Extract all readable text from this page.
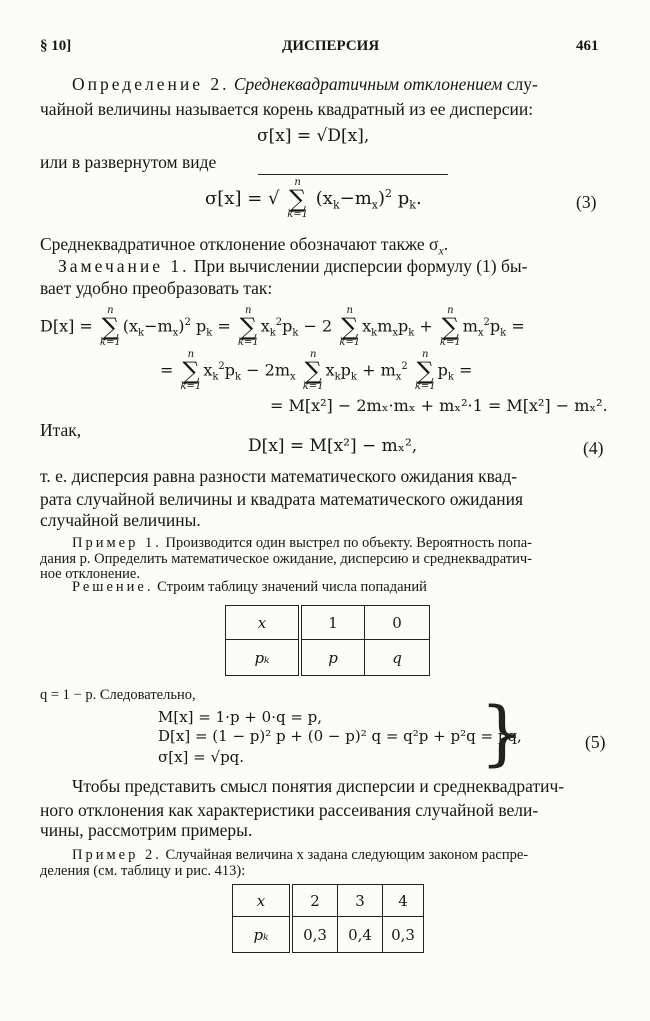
§ 10]	ДИСПЕРСИЯ	461
Определение 2. Среднеквадратичным отклонением слу-
чайной величины называется корень квадратный из ее дисперсии:
σ[x] = √D[x],
или в развернутом виде
σ[x] = √
n
∑
k=1
$(x_k-m_x)^2$ $p_k$.	(3)
Среднеквадратичное отклонение обозначают также $\sigma_x$.
Замечание 1. При вычислении дисперсии формулу (1) бы-
вает удобно преобразовать так:
D[x] =
n
∑
k=1
$(x_k-m_x)^2$ $p_k$ =
n
∑
k=1
$x_k^2p_k - 2$
n
∑
k=1
$x_km_xp_k$ +
n
∑
k=1
$m_x^2p_k$ =
=
n
∑
k=1
$x_k^2p_k - 2m_x$
n
∑
k=1
$x_kp_k + m_x^2$
n
∑
k=1
$p_k$ =
= M[x²] − 2mₓ·mₓ + mₓ²·1 = M[x²] − mₓ².
Итак,
D[x] = M[x²] − mₓ²,	(4)
т. е. дисперсия равна разности математического ожидания квад-
рата случайной величины и квадрата математического ожидания
случайной величины.
Пример 1. Производится один выстрел по объекту. Вероятность попа-
дания p. Определить математическое ожидание, дисперсию и среднеквадратич-
ное отклонение.
Решение. Строим таблицу значений числа попаданий
x	1	0
pₖ	p	q
q = 1 − p. Следовательно,
M[x] = 1·p + 0·q = p,
D[x] = (1 − p)² p + (0 − p)² q = q²p + p²q = pq,
σ[x] = √pq.	}	(5)
Чтобы представить смысл понятия дисперсии и среднеквадратич-
ного отклонения как характеристики рассеивания случайной вели-
чины, рассмотрим примеры.
Пример 2. Случайная величина x задана следующим законом распре-
деления (см. таблицу и рис. 413):
x	2	3	4
pₖ	0,3	0,4	0,3
